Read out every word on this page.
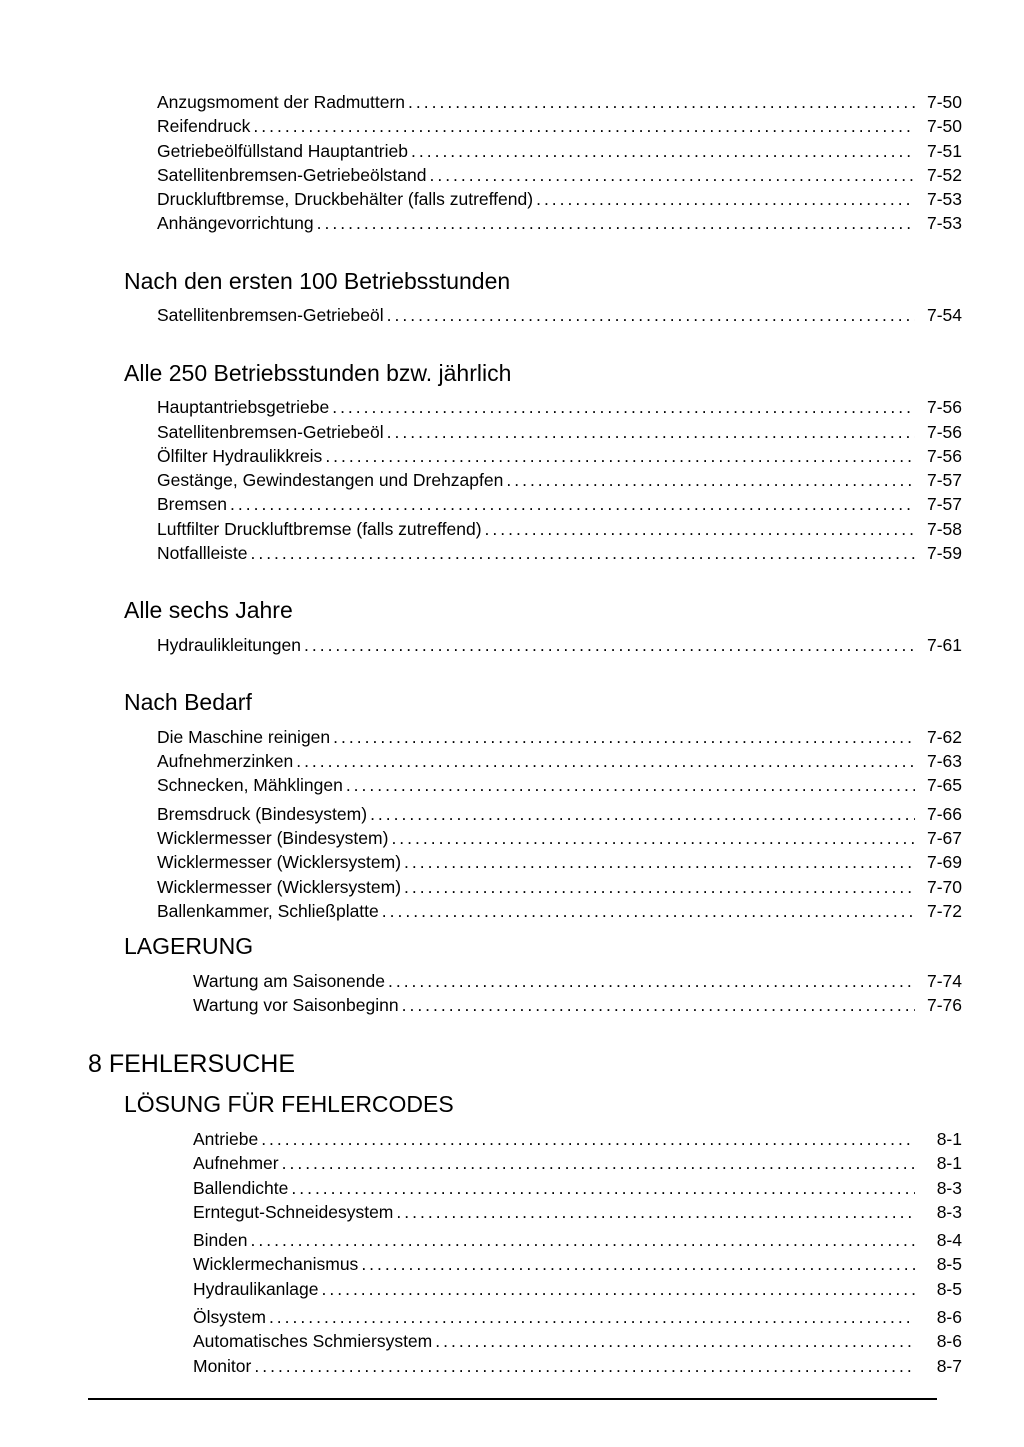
Anzugsmoment der Radmuttern .....	7-50
Reifendruck .....	7-50
Getriebeölfüllstand Hauptantrieb .....	7-51
Satellitenbremsen-Getriebeölstand .....	7-52
Druckluftbremse, Druckbehälter (falls zutreffend) .....	7-53
Anhängevorrichtung .....	7-53
Nach den ersten 100 Betriebsstunden
Satellitenbremsen-Getriebeöl .....	7-54
Alle 250 Betriebsstunden bzw. jährlich
Hauptantriebsgetriebe .....	7-56
Satellitenbremsen-Getriebeöl .....	7-56
Ölfilter Hydraulikkreis .....	7-56
Gestänge, Gewindestangen und Drehzapfen .....	7-57
Bremsen .....	7-57
Luftfilter Druckluftbremse (falls zutreffend) .....	7-58
Notfallleiste .....	7-59
Alle sechs Jahre
Hydraulikleitungen .....	7-61
Nach Bedarf
Die Maschine reinigen .....	7-62
Aufnehmerzinken .....	7-63
Schnecken, Mähklingen .....	7-65
Bremsdruck (Bindesystem) .....	7-66
Wicklermesser (Bindesystem) .....	7-67
Wicklermesser (Wicklersystem) .....	7-69
Wicklermesser (Wicklersystem) .....	7-70
Ballenkammer, Schließplatte .....	7-72
LAGERUNG
Wartung am Saisonende .....	7-74
Wartung vor Saisonbeginn .....	7-76
8 FEHLERSUCHE
LÖSUNG FÜR FEHLERCODES
Antriebe .....	8-1
Aufnehmer .....	8-1
Ballendichte .....	8-3
Erntegut-Schneidesystem .....	8-3
Binden .....	8-4
Wicklermechanismus .....	8-5
Hydraulikanlage .....	8-5
Ölsystem .....	8-6
Automatisches Schmiersystem .....	8-6
Monitor .....	8-7
